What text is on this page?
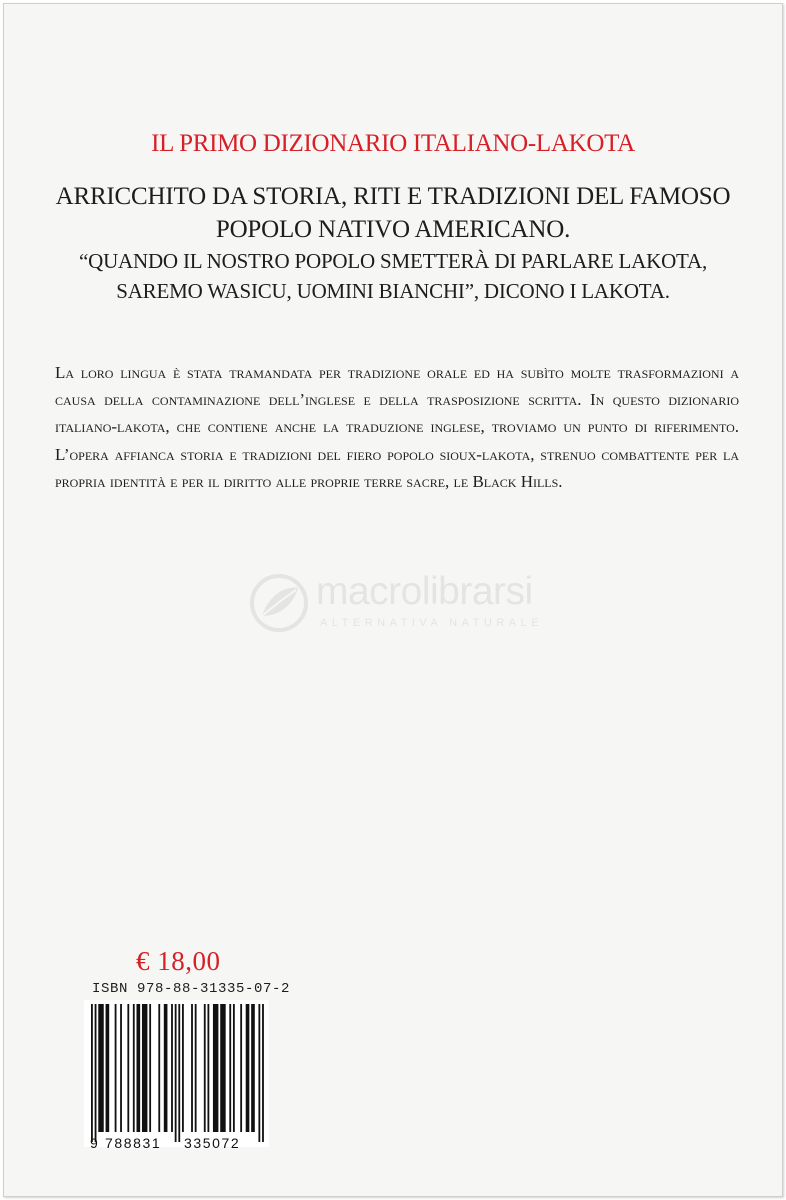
IL PRIMO DIZIONARIO ITALIANO-LAKOTA

ARRICCHITO DA STORIA, RITI E TRADIZIONI DEL FAMOSO
POPOLO NATIVO AMERICANO.

“QUANDO IL NOSTRO POPOLO SMETTERÀ DI PARLARE LAKOTA,
SAREMO WASICU, UOMINI BIANCHI”, DICONO I LAKOTA.

La loro lingua è stata tramandata per tradizione orale ed ha subìto molte trasformazioni a causa della contaminazione dell’inglese e della trasposizione scritta. In questo dizionario italiano-lakota, che contiene anche la traduzione inglese, troviamo un punto di riferimento. L’opera affianca storia e tradizioni del fiero popolo sioux-lakota, strenuo combattente per la propria identità e per il diritto alle proprie terre sacre, le Black Hills.

macrolibrarsi
ALTERNATIVA NATURALE
€ 18,00
ISBN 978-88-31335-07-2
9 788831 335072
